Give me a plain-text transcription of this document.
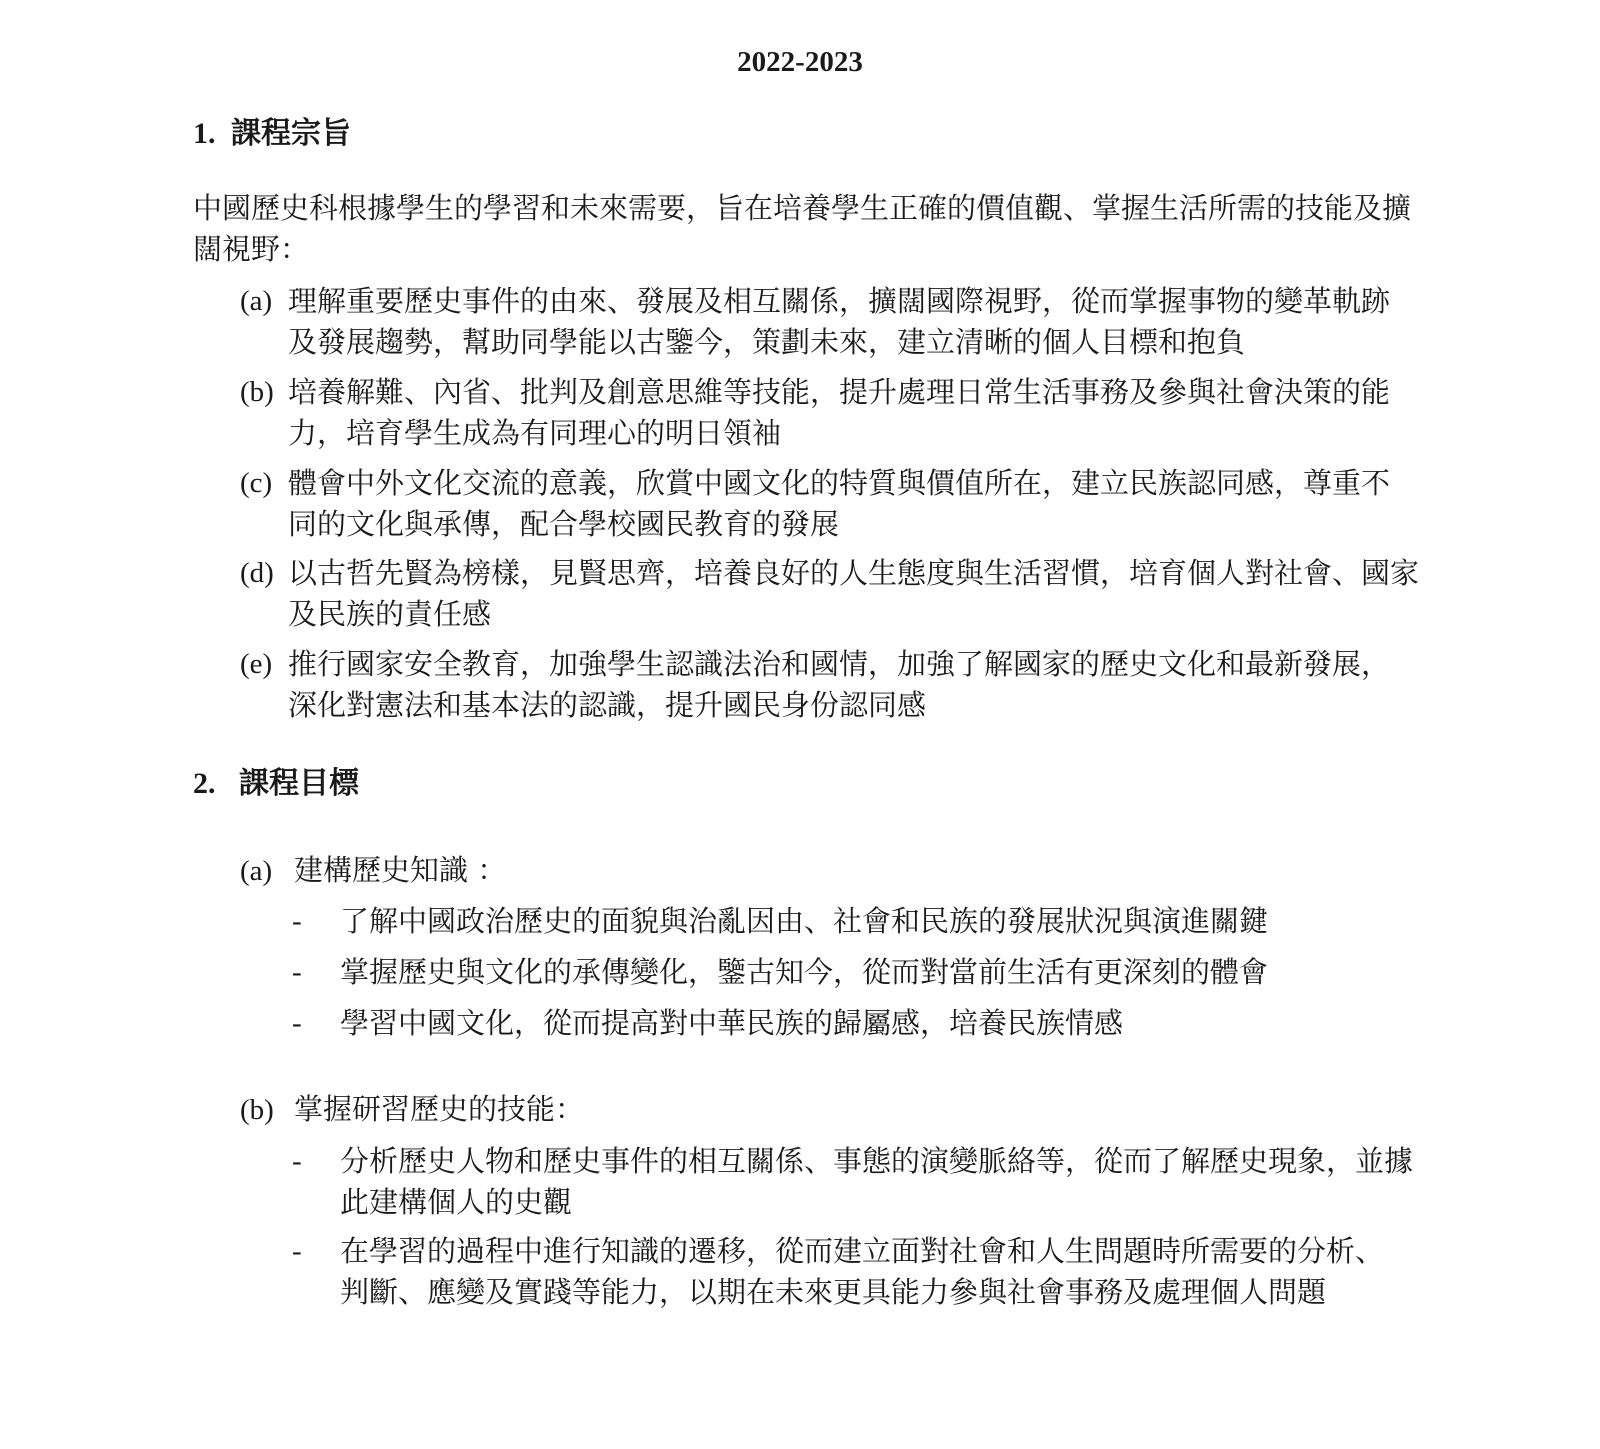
2022-2023
1. 課程宗旨
中國歷史科根據學生的學習和未來需要，旨在培養學生正確的價值觀、掌握生活所需的技能及擴闊視野：
(a) 理解重要歷史事件的由來、發展及相互關係，擴闊國際視野，從而掌握事物的變革軌跡及發展趨勢，幫助同學能以古鑒今，策劃未來，建立清晰的個人目標和抱負
(b) 培養解難、內省、批判及創意思維等技能，提升處理日常生活事務及參與社會決策的能力，培育學生成為有同理心的明日領袖
(c) 體會中外文化交流的意義，欣賞中國文化的特質與價值所在，建立民族認同感，尊重不同的文化與承傳，配合學校國民教育的發展
(d) 以古哲先賢為榜樣，見賢思齊，培養良好的人生態度與生活習慣，培育個人對社會、國家及民族的責任感
(e) 推行國家安全教育，加強學生認識法治和國情，加強了解國家的歷史文化和最新發展，深化對憲法和基本法的認識，提升國民身份認同感
2. 課程目標
(a) 建構歷史知識 ：
- 了解中國政治歷史的面貌與治亂因由、社會和民族的發展狀況與演進關鍵
- 掌握歷史與文化的承傳變化，鑒古知今，從而對當前生活有更深刻的體會
- 學習中國文化，從而提高對中華民族的歸屬感，培養民族情感
(b) 掌握研習歷史的技能：
- 分析歷史人物和歷史事件的相互關係、事態的演變脈絡等，從而了解歷史現象，並據此建構個人的史觀
- 在學習的過程中進行知識的遷移，從而建立面對社會和人生問題時所需要的分析、判斷、應變及實踐等能力，以期在未來更具能力參與社會事務及處理個人問題
